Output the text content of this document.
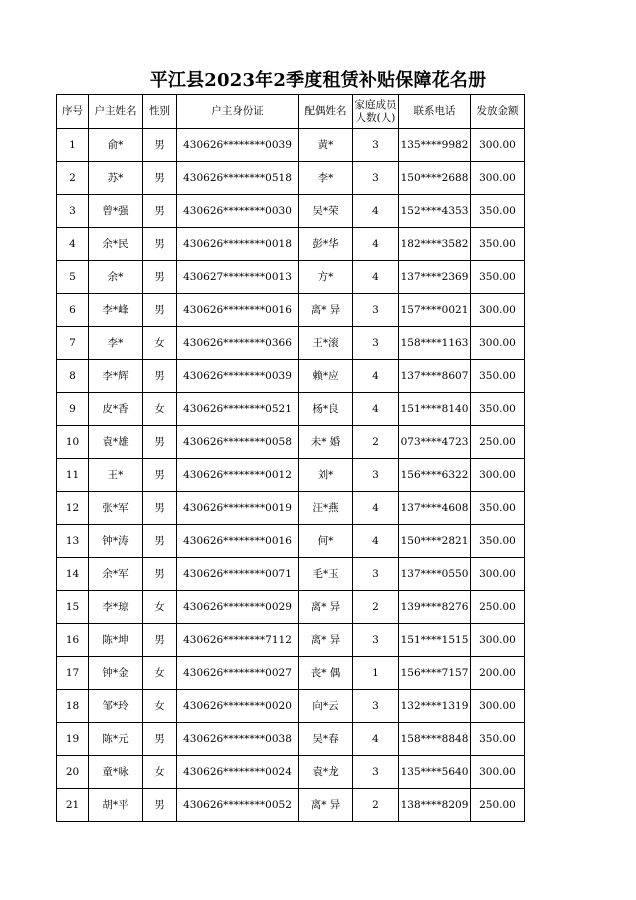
平江县2023年2季度租赁补贴保障花名册
序号	户主姓名	性别	户主身份证	配偶姓名	家庭成员人数(人)	联系电话	发放金额
1	俞*	男	430626********0039	黄*	3	135****9982	300.00
2	苏*	男	430626********0518	李*	3	150****2688	300.00
3	曾*强	男	430626********0030	吴*荣	4	152****4353	350.00
4	余*民	男	430626********0018	彭*华	4	182****3582	350.00
5	余*	男	430627********0013	方*	4	137****2369	350.00
6	李*峰	男	430626********0016	离* 异	3	157****0021	300.00
7	李*	女	430626********0366	王*滚	3	158****1163	300.00
8	李*辉	男	430626********0039	赖*应	4	137****8607	350.00
9	皮*香	女	430626********0521	杨*良	4	151****8140	350.00
10	袁*雄	男	430626********0058	未* 婚	2	073****4723	250.00
11	王*	男	430626********0012	刘*	3	156****6322	300.00
12	张*军	男	430626********0019	汪*燕	4	137****4608	350.00
13	钟*涛	男	430626********0016	何*	4	150****2821	350.00
14	余*军	男	430626********0071	毛*玉	3	137****0550	300.00
15	李*琼	女	430626********0029	离* 异	2	139****8276	250.00
16	陈*坤	男	430626********7112	离* 异	3	151****1515	300.00
17	钟*金	女	430626********0027	丧* 偶	1	156****7157	200.00
18	邹*玲	女	430626********0020	向*云	3	132****1319	300.00
19	陈*元	男	430626********0038	吴*春	4	158****8848	350.00
20	童*咏	女	430626********0024	袁*龙	3	135****5640	300.00
21	胡*平	男	430626********0052	离* 异	2	138****8209	250.00
